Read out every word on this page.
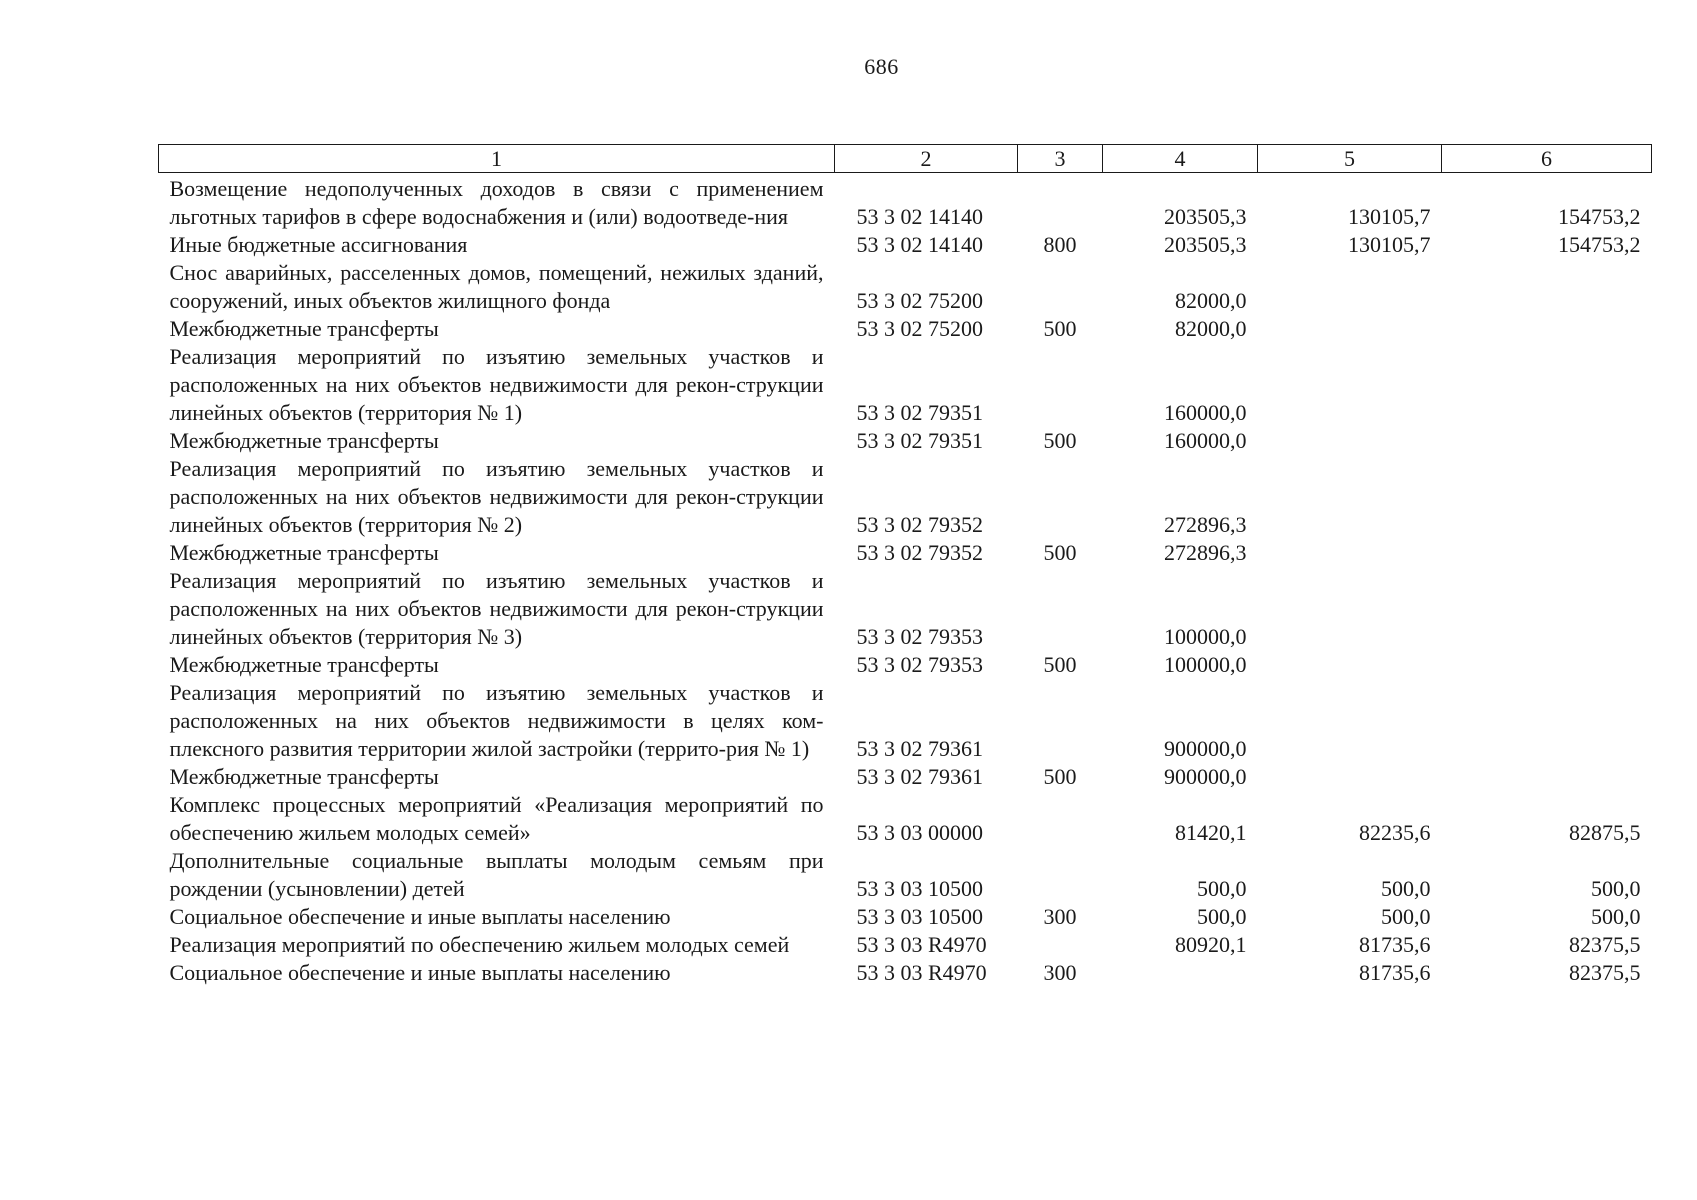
686
1	2	3	4	5	6

Возмещение недополученных доходов в связи с применением льготных тарифов в сфере водоснабжения и (или) водоотведе-ния	53 3 02 14140		203505,3	130105,7	154753,2
Иные бюджетные ассигнования	53 3 02 14140	800	203505,3	130105,7	154753,2
Снос аварийных, расселенных домов, помещений, нежилых зданий, сооружений, иных объектов жилищного фонда	53 3 02 75200		82000,0		
Межбюджетные трансферты	53 3 02 75200	500	82000,0		
Реализация мероприятий по изъятию земельных участков и расположенных на них объектов недвижимости для рекон-струкции линейных объектов (территория № 1)	53 3 02 79351		160000,0		
Межбюджетные трансферты	53 3 02 79351	500	160000,0		
Реализация мероприятий по изъятию земельных участков и расположенных на них объектов недвижимости для рекон-струкции линейных объектов (территория № 2)	53 3 02 79352		272896,3		
Межбюджетные трансферты	53 3 02 79352	500	272896,3		
Реализация мероприятий по изъятию земельных участков и расположенных на них объектов недвижимости для рекон-струкции линейных объектов (территория № 3)	53 3 02 79353		100000,0		
Межбюджетные трансферты	53 3 02 79353	500	100000,0		
Реализация мероприятий по изъятию земельных участков и расположенных на них объектов недвижимости в целях ком-плексного развития территории жилой застройки (террито-рия № 1)	53 3 02 79361		900000,0		
Межбюджетные трансферты	53 3 02 79361	500	900000,0		
Комплекс процессных мероприятий «Реализация мероприятий по обеспечению жильем молодых семей»	53 3 03 00000		81420,1	82235,6	82875,5
Дополнительные социальные выплаты молодым семьям при рождении (усыновлении) детей	53 3 03 10500		500,0	500,0	500,0
Социальное обеспечение и иные выплаты населению	53 3 03 10500	300	500,0	500,0	500,0
Реализация мероприятий по обеспечению жильем молодых семей	53 3 03 R4970		80920,1	81735,6	82375,5
Социальное обеспечение и иные выплаты населению	53 3 03 R4970	300		81735,6	82375,5
